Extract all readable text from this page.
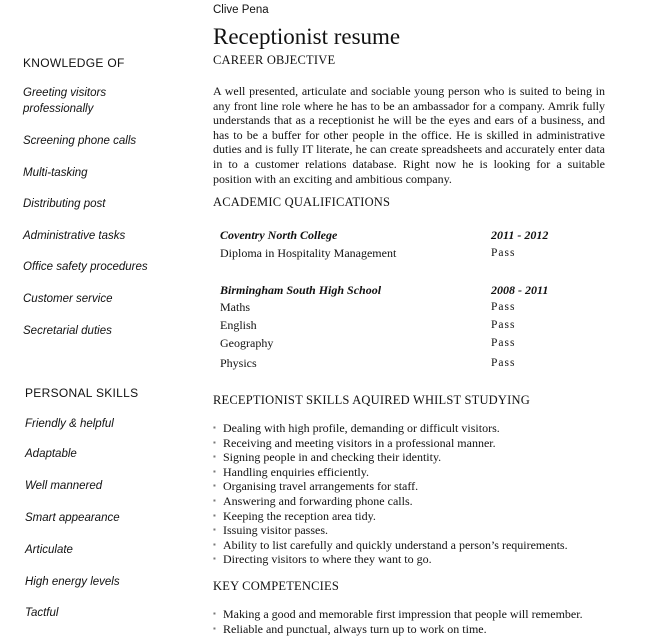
Clive Pena
Receptionist resume
KNOWLEDGE OF
Greeting visitors
professionally
Screening phone calls
Multi-tasking
Distributing post
Administrative tasks
Office safety procedures
Customer service
Secretarial duties
PERSONAL SKILLS
Friendly & helpful
Adaptable
Well mannered
Smart appearance
Articulate
High energy levels
Tactful
CAREER OBJECTIVE
A well presented, articulate and sociable young person who is suited to being in any front line role where he has to be an ambassador for a company. Amrik fully understands that as a receptionist he will be the eyes and ears of a business, and has to be a buffer for other people in the office. He is skilled in administrative duties and is fully IT literate, he can create spreadsheets and accurately enter data in to a customer relations database. Right now he is looking for a suitable position with an exciting and ambitious company.
ACADEMIC QUALIFICATIONS
Coventry North College	2011 - 2012
Diploma in Hospitality Management	Pass
Birmingham South High School	2008 - 2011
Maths	Pass
English	Pass
Geography	Pass
Physics	Pass
RECEPTIONIST SKILLS AQUIRED WHILST STUDYING
▪ Dealing with high profile, demanding or difficult visitors.
▪ Receiving and meeting visitors in a professional manner.
▪ Signing people in and checking their identity.
▪ Handling enquiries efficiently.
▪ Organising travel arrangements for staff.
▪ Answering and forwarding phone calls.
▪ Keeping the reception area tidy.
▪ Issuing visitor passes.
▪ Ability to list carefully and quickly understand a person’s requirements.
▪ Directing visitors to where they want to go.
KEY COMPETENCIES
▪ Making a good and memorable first impression that people will remember.
▪ Reliable and punctual, always turn up to work on time.
